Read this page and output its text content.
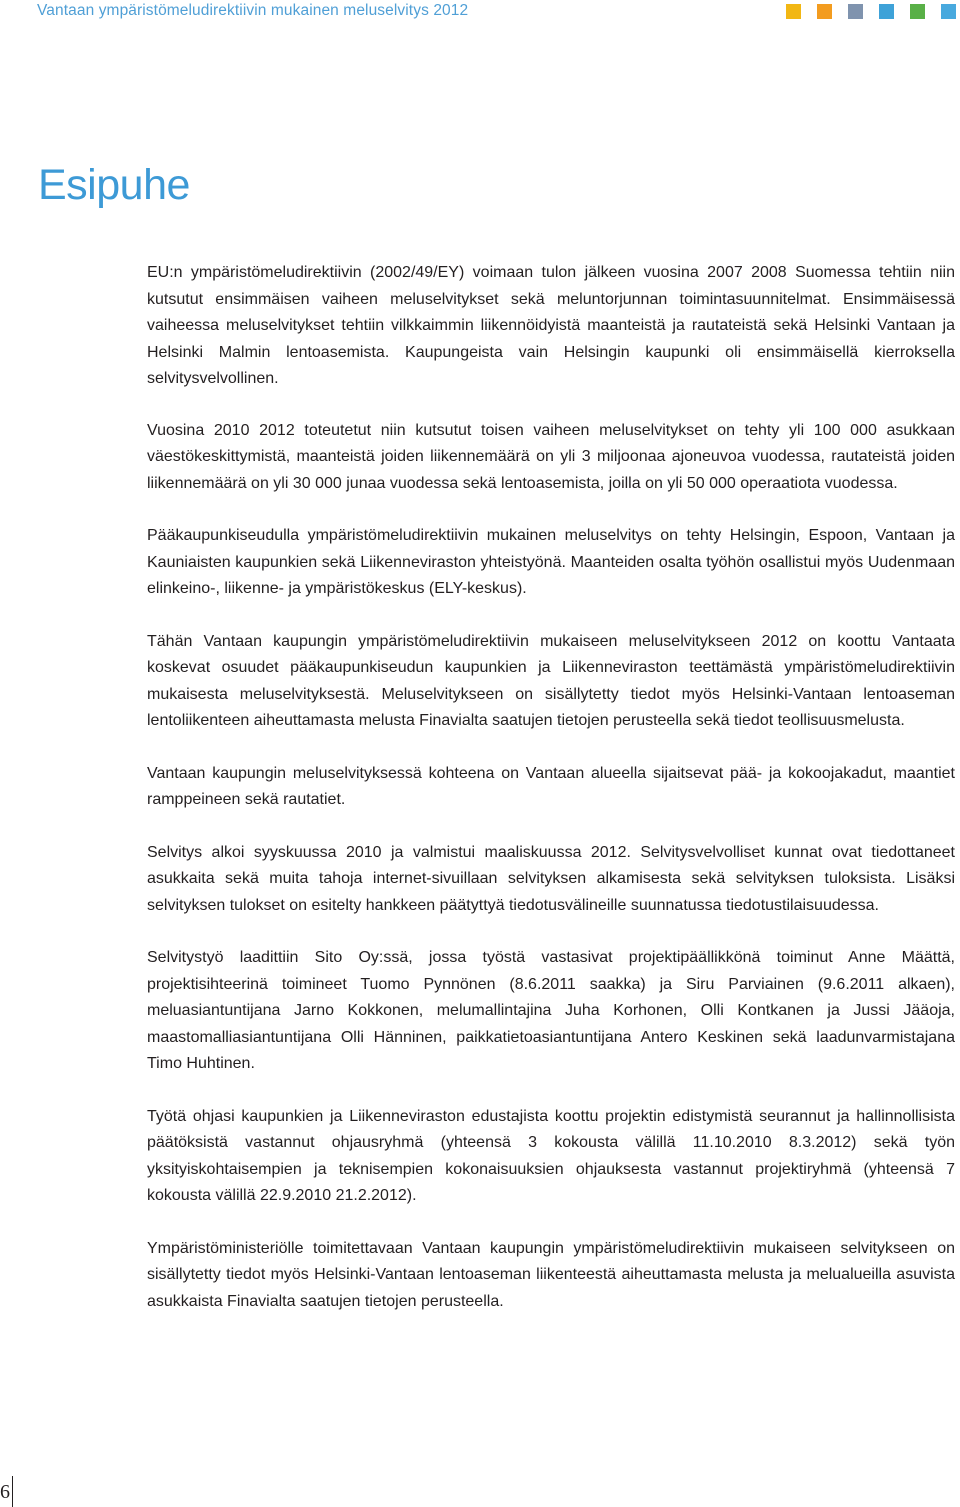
Vantaan ympäristömeludirektiivin mukainen meluselvitys 2012
Esipuhe

EU:n ympäristömeludirektiivin (2002/49/EY) voimaan tulon jälkeen vuosina 2007 2008 Suomessa tehtiin niin kutsutut ensimmäisen vaiheen meluselvitykset sekä meluntorjunnan toimintasuunnitelmat. Ensimmäisessä vaiheessa meluselvitykset tehtiin vilkkaimmin liikennöidyistä maanteistä ja rautateistä sekä Helsinki Vantaan ja Helsinki Malmin lentoasemista. Kaupungeista vain Helsingin kaupunki oli ensimmäisellä kierroksella selvitysvelvollinen.

Vuosina 2010 2012 toteutetut niin kutsutut toisen vaiheen meluselvitykset on tehty yli 100 000 asukkaan väestökeskittymistä, maanteistä joiden liikennemäärä on yli 3 miljoonaa ajoneuvoa vuodessa, rautateistä joiden liikennemäärä on yli 30 000 junaa vuodessa sekä lentoasemista, joilla on yli 50 000 operaatiota vuodessa.

Pääkaupunkiseudulla ympäristömeludirektiivin mukainen meluselvitys on tehty Helsingin, Espoon, Vantaan ja Kauniaisten kaupunkien sekä Liikenneviraston yhteistyönä. Maanteiden osalta työhön osallistui myös Uudenmaan elinkeino-, liikenne- ja ympäristökeskus (ELY-keskus).

Tähän Vantaan kaupungin ympäristömeludirektiivin mukaiseen meluselvitykseen 2012 on koottu Vantaata koskevat osuudet pääkaupunkiseudun kaupunkien ja Liikenneviraston teettämästä ympäristömeludirektiivin mukaisesta meluselvityksestä. Meluselvitykseen on sisällytetty tiedot myös Helsinki-Vantaan lentoaseman lentoliikenteen aiheuttamasta melusta Finavialta saatujen tietojen perusteella sekä tiedot teollisuusmelusta.

Vantaan kaupungin meluselvityksessä kohteena on Vantaan alueella sijaitsevat pää- ja kokoojakadut, maantiet ramppeineen sekä rautatiet.

Selvitys alkoi syyskuussa 2010 ja valmistui maaliskuussa 2012. Selvitysvelvolliset kunnat ovat tiedottaneet asukkaita sekä muita tahoja internet-sivuillaan selvityksen alkamisesta sekä selvityksen tuloksista. Lisäksi selvityksen tulokset on esitelty hankkeen päätyttyä tiedotusvälineille suunnatussa tiedotustilaisuudessa.

Selvitystyö laadittiin Sito Oy:ssä, jossa työstä vastasivat projektipäällikkönä toiminut Anne Määttä, projektisihteerinä toimineet Tuomo Pynnönen (8.6.2011 saakka) ja Siru Parviainen (9.6.2011 alkaen), meluasiantuntijana Jarno Kokkonen, melumallintajina Juha Korhonen, Olli Kontkanen ja Jussi Jääoja, maastomalliasiantuntijana Olli Hänninen, paikkatietoasiantuntijana Antero Keskinen sekä laadunvarmistajana Timo Huhtinen.

Työtä ohjasi kaupunkien ja Liikenneviraston edustajista koottu projektin edistymistä seurannut ja hallinnollisista päätöksistä vastannut ohjausryhmä (yhteensä 3 kokousta välillä 11.10.2010 8.3.2012) sekä työn yksityiskohtaisempien ja teknisempien kokonaisuuksien ohjauksesta vastannut projektiryhmä (yhteensä 7 kokousta välillä 22.9.2010 21.2.2012).

Ympäristöministeriölle toimitettavaan Vantaan kaupungin ympäristömeludirektiivin mukaiseen selvitykseen on sisällytetty tiedot myös Helsinki-Vantaan lentoaseman liikenteestä aiheuttamasta melusta ja melualueilla asuvista asukkaista Finavialta saatujen tietojen perusteella.

6
